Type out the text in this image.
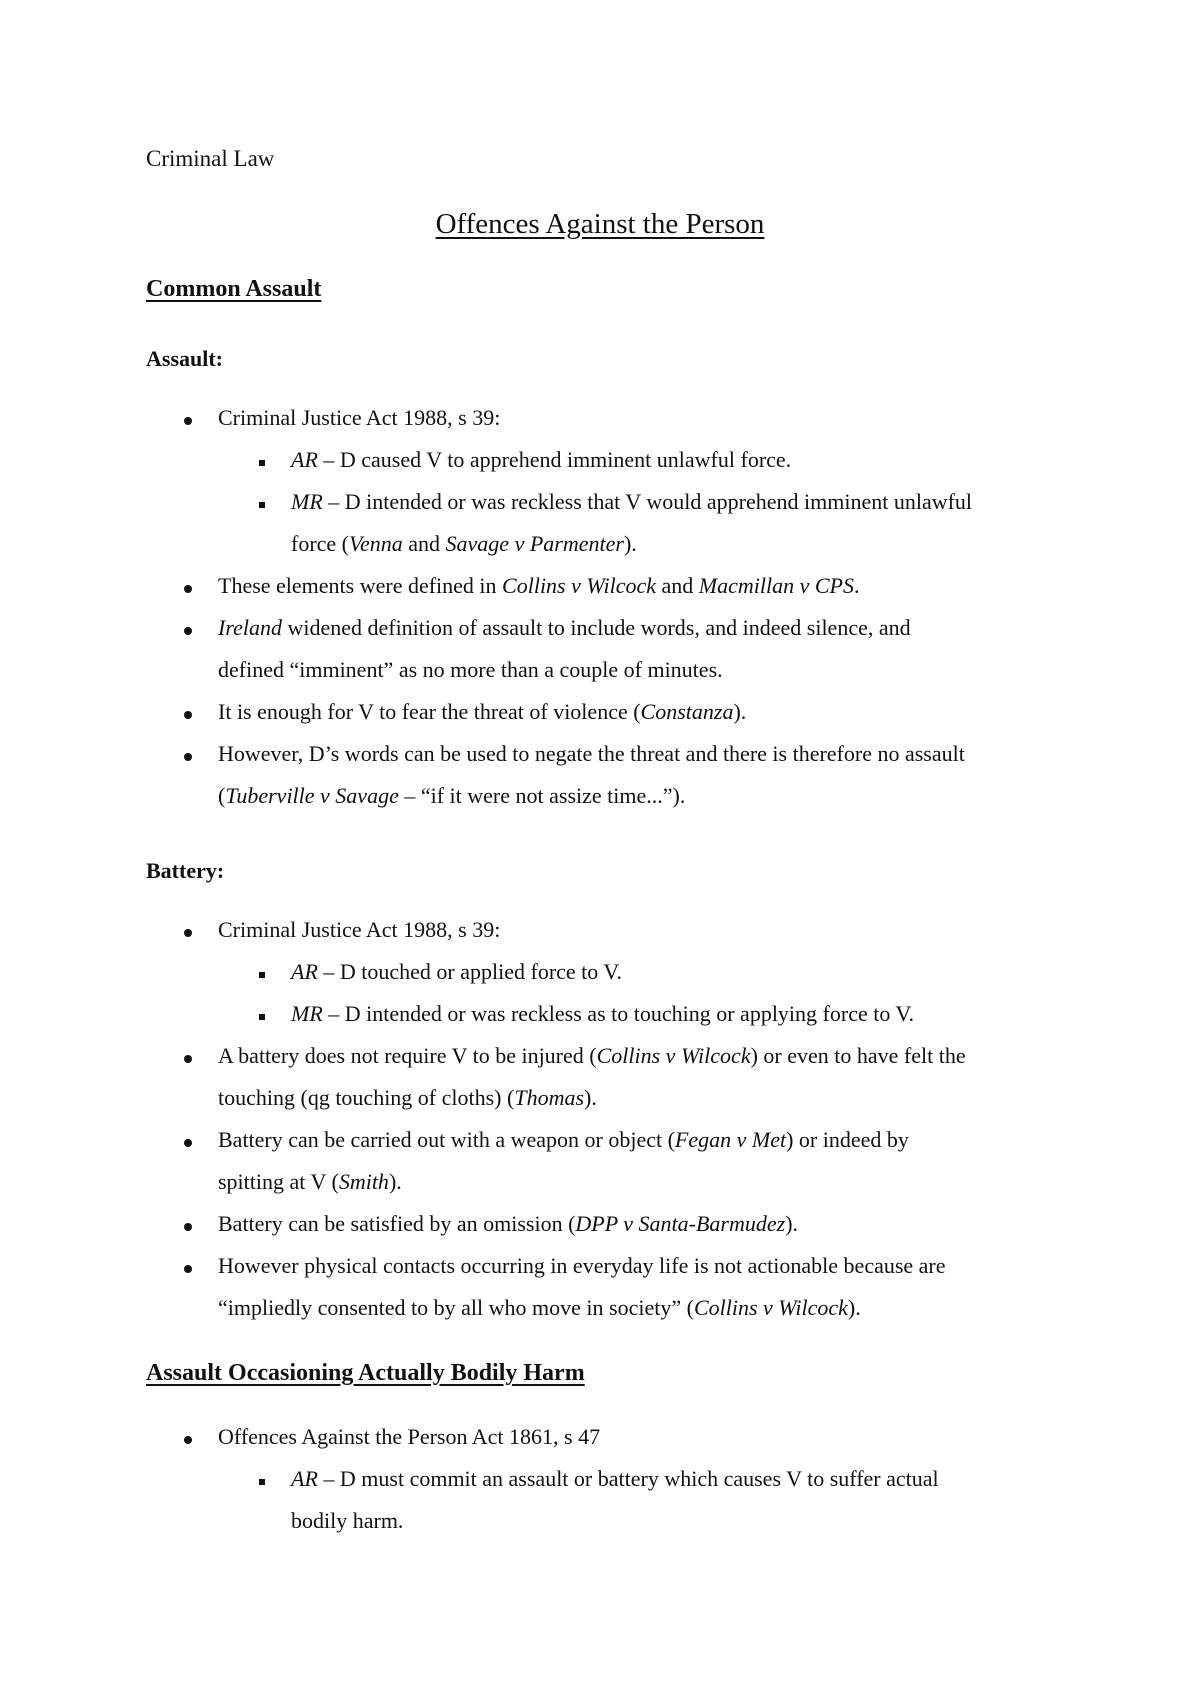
Criminal Law
Offences Against the Person
Common Assault
Assault:
Criminal Justice Act 1988, s 39:
AR – D caused V to apprehend imminent unlawful force.
MR – D intended or was reckless that V would apprehend imminent unlawful
force (Venna and Savage v Parmenter).
These elements were defined in Collins v Wilcock and Macmillan v CPS.
Ireland widened definition of assault to include words, and indeed silence, and
defined “imminent” as no more than a couple of minutes.
It is enough for V to fear the threat of violence (Constanza).
However, D’s words can be used to negate the threat and there is therefore no assault
(Tuberville v Savage – “if it were not assize time...”).
Battery:
Criminal Justice Act 1988, s 39:
AR – D touched or applied force to V.
MR – D intended or was reckless as to touching or applying force to V.
A battery does not require V to be injured (Collins v Wilcock) or even to have felt the
touching (qg touching of cloths) (Thomas).
Battery can be carried out with a weapon or object (Fegan v Met) or indeed by
spitting at V (Smith).
Battery can be satisfied by an omission (DPP v Santa-Barmudez).
However physical contacts occurring in everyday life is not actionable because are
“impliedly consented to by all who move in society” (Collins v Wilcock).
Assault Occasioning Actually Bodily Harm
Offences Against the Person Act 1861, s 47
AR – D must commit an assault or battery which causes V to suffer actual
bodily harm.
